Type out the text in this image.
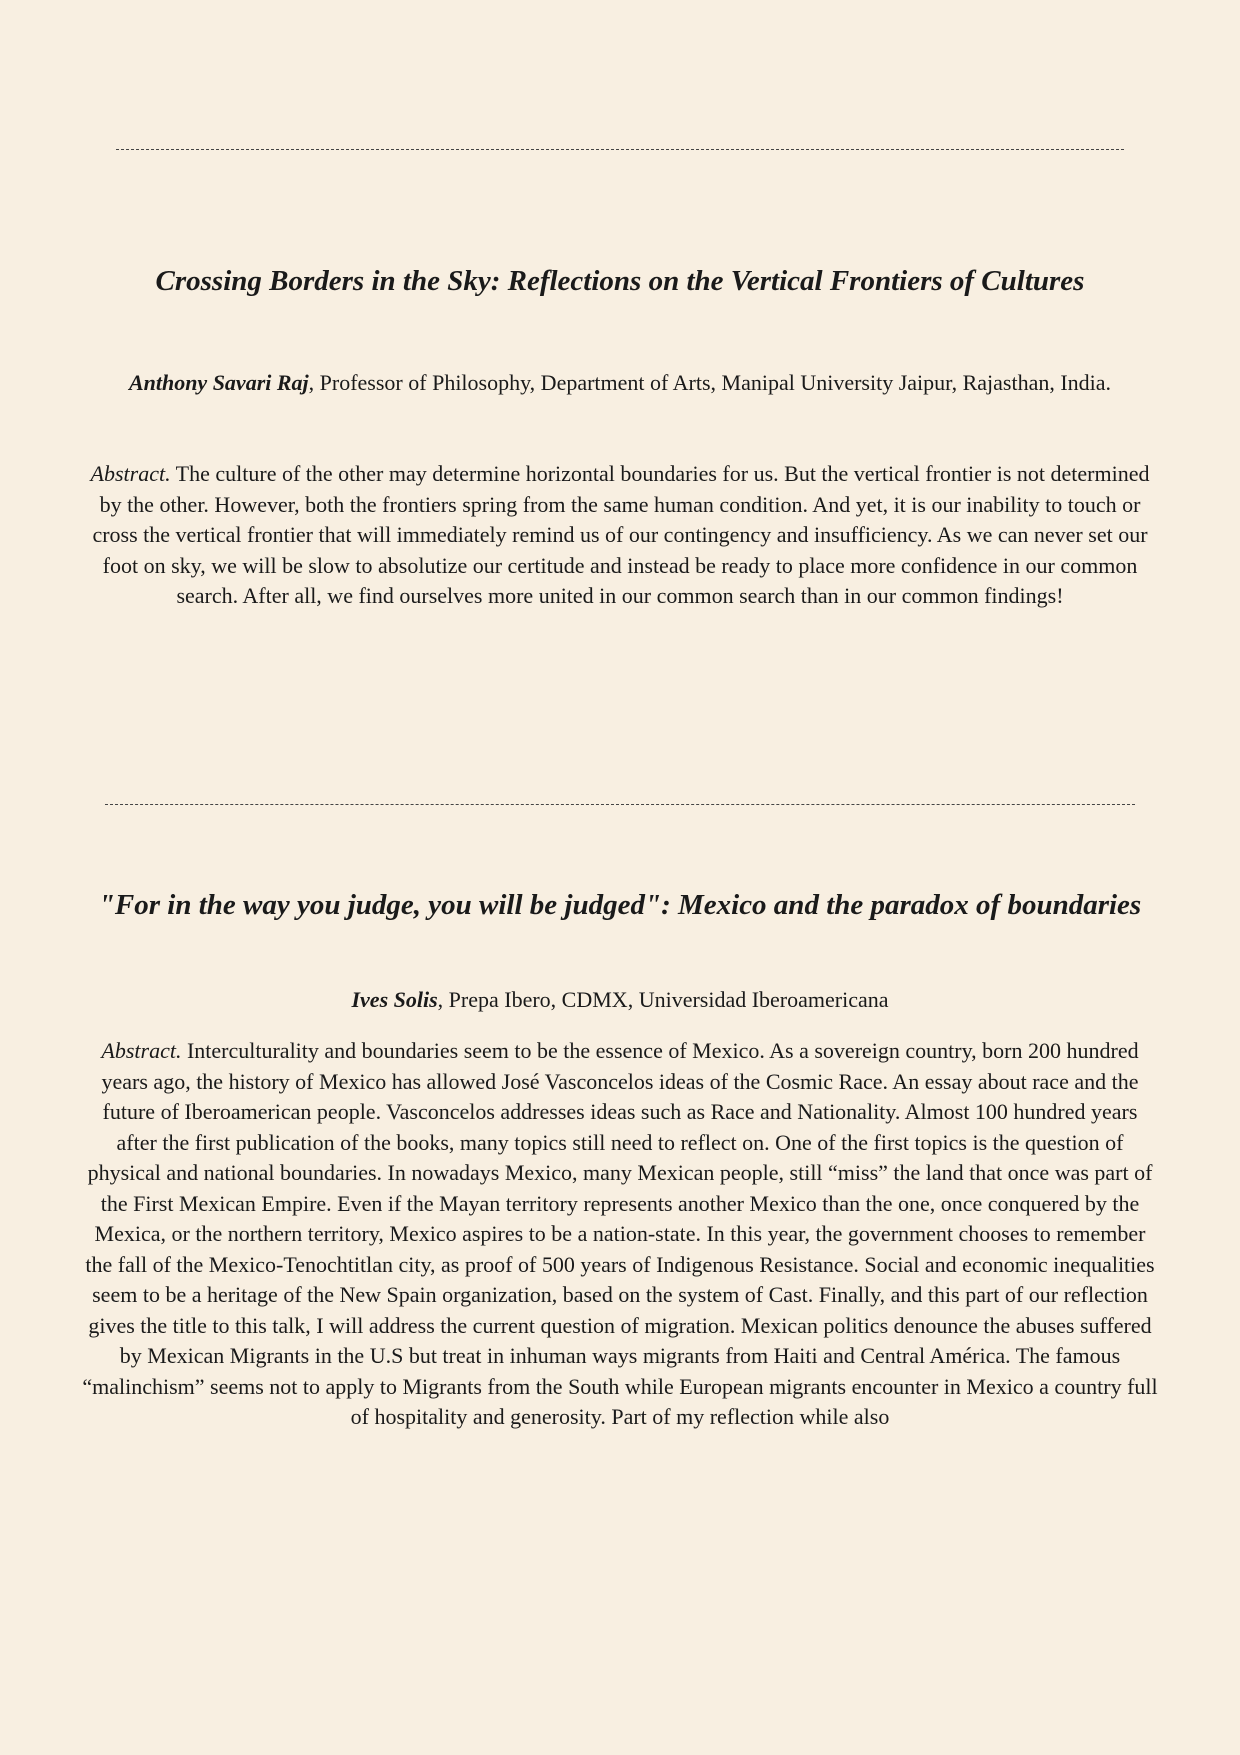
Crossing Borders in the Sky: Reflections on the Vertical Frontiers of Cultures
Anthony Savari Raj, Professor of Philosophy, Department of Arts, Manipal University Jaipur, Rajasthan, India.
Abstract. The culture of the other may determine horizontal boundaries for us. But the vertical frontier is not determined by the other. However, both the frontiers spring from the same human condition. And yet, it is our inability to touch or cross the vertical frontier that will immediately remind us of our contingency and insufficiency. As we can never set our foot on sky, we will be slow to absolutize our certitude and instead be ready to place more confidence in our common search. After all, we find ourselves more united in our common search than in our common findings!
"For in the way you judge, you will be judged": Mexico and the paradox of boundaries
Ives Solis, Prepa Ibero, CDMX, Universidad Iberoamericana
Abstract. Interculturality and boundaries seem to be the essence of Mexico. As a sovereign country, born 200 hundred years ago, the history of Mexico has allowed José Vasconcelos ideas of the Cosmic Race. An essay about race and the future of Iberoamerican people. Vasconcelos addresses ideas such as Race and Nationality. Almost 100 hundred years after the first publication of the books, many topics still need to reflect on. One of the first topics is the question of physical and national boundaries. In nowadays Mexico, many Mexican people, still “miss” the land that once was part of the First Mexican Empire. Even if the Mayan territory represents another Mexico than the one, once conquered by the Mexica, or the northern territory, Mexico aspires to be a nation-state. In this year, the government chooses to remember the fall of the Mexico-Tenochtitlan city, as proof of 500 years of Indigenous Resistance. Social and economic inequalities seem to be a heritage of the New Spain organization, based on the system of Cast. Finally, and this part of our reflection gives the title to this talk, I will address the current question of migration. Mexican politics denounce the abuses suffered by Mexican Migrants in the U.S but treat in inhuman ways migrants from Haiti and Central América. The famous “malinchism” seems not to apply to Migrants from the South while European migrants encounter in Mexico a country full of hospitality and generosity. Part of my reflection while also
